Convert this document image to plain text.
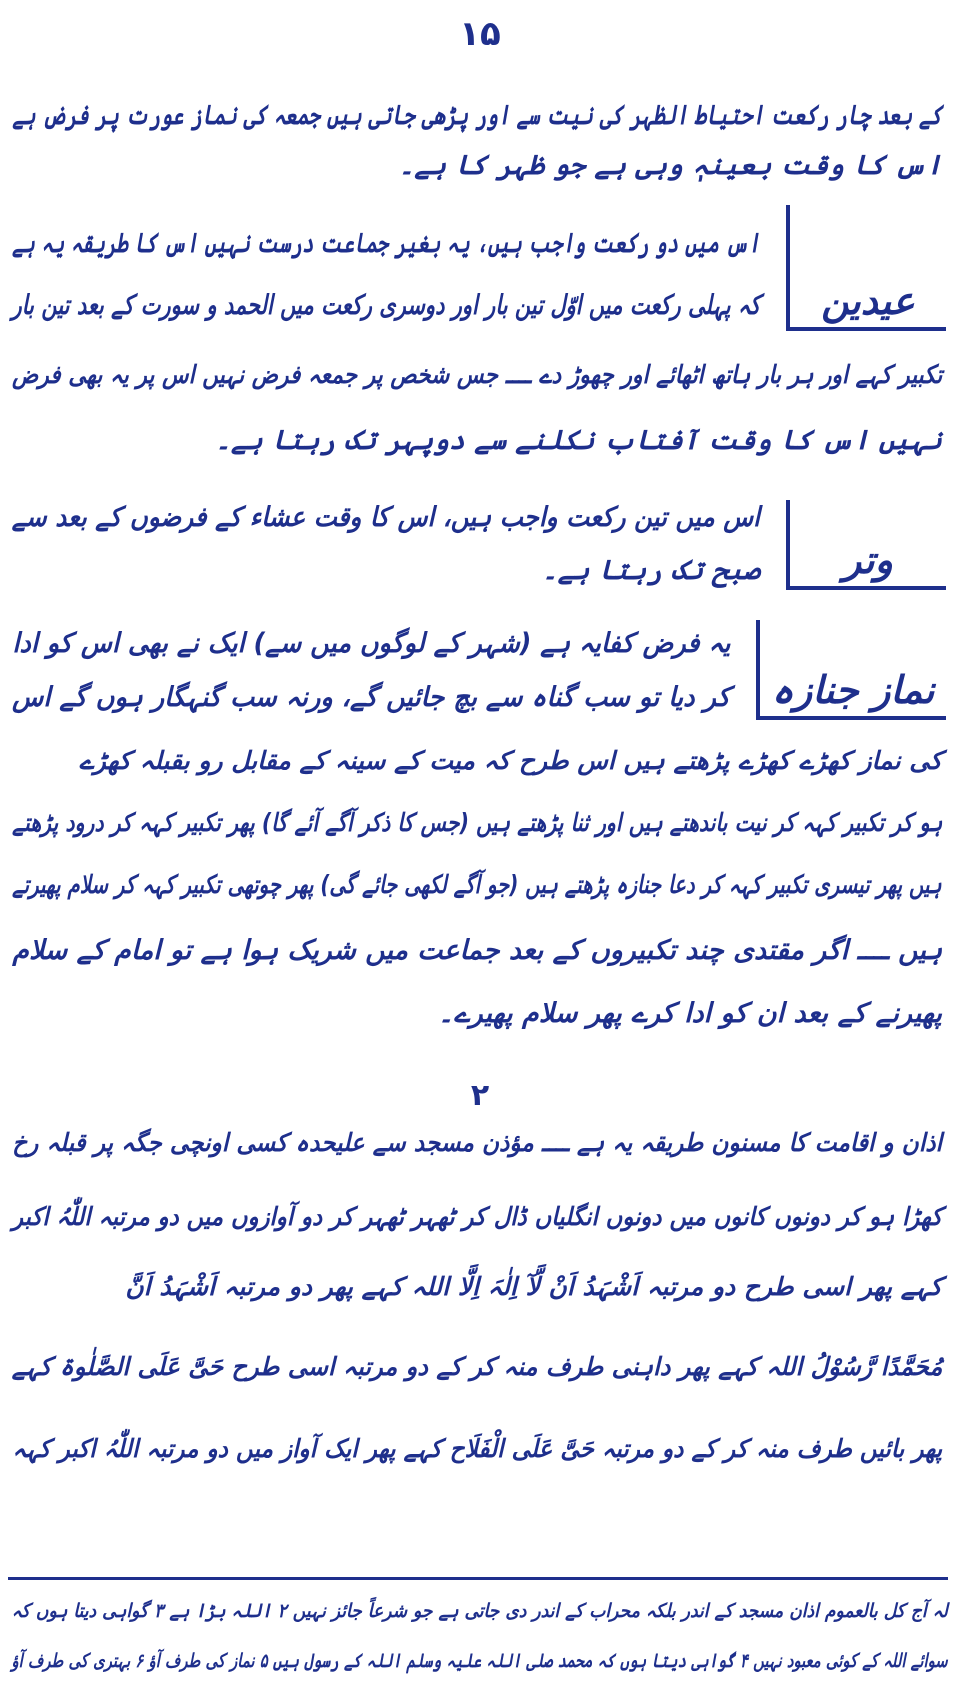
۱۵
کے بعد چار رکعت احتیاط الظہر کی نیت سے اور پڑھی جاتی ہیں جمعہ کی نماز عورت پر فرض ہے
اس کا وقت بعینہٖ وہی ہے جو ظہر کا ہے۔
عیدین
اس میں دو رکعت واجب ہیں، یہ بغیر جماعت درست نہیں اس کا طریقہ یہ ہے
کہ پہلی رکعت میں اوّل تین بار اور دوسری رکعت میں الحمد و سورت کے بعد تین بار
تکبیر کہے اور ہر بار ہاتھ اٹھائے اور چھوڑ دے ــــ جس شخص پر جمعہ فرض نہیں اس پر یہ بھی فرض
نہیں اس کا وقت آفتاب نکلنے سے دوپہر تک رہتا ہے۔
وتر
اس میں تین رکعت واجب ہیں، اس کا وقت عشاء کے فرضوں کے بعد سے
صبح تک رہتا ہے۔
نماز جنازہ
یہ فرض کفایہ ہے (شہر کے لوگوں میں سے) ایک نے بھی اس کو ادا
کر دیا تو سب گناہ سے بچ جائیں گے، ورنہ سب گنہگار ہوں گے اس
کی نماز کھڑے کھڑے پڑھتے ہیں اس طرح کہ میت کے سینہ کے مقابل رو بقبلہ کھڑے
ہو کر تکبیر کہہ کر نیت باندھتے ہیں اور ثنا پڑھتے ہیں (جس کا ذکر آگے آئے گا) پھر تکبیر کہہ کر درود پڑھتے
ہیں پھر تیسری تکبیر کہہ کر دعا جنازہ پڑھتے ہیں (جو آگے لکھی جائے گی) پھر چوتھی تکبیر کہہ کر سلام پھیرتے
ہیں ــــ اگر مقتدی چند تکبیروں کے بعد جماعت میں شریک ہوا ہے تو امام کے سلام
پھیرنے کے بعد ان کو ادا کرے پھر سلام پھیرے۔
۲
اذان و اقامت کا مسنون طریقہ یہ ہے ــــ مؤذن مسجد سے علیحدہ کسی اونچی جگہ پر قبلہ رخ
کھڑا ہو کر دونوں کانوں میں دونوں انگلیاں ڈال کر ٹھہر ٹھہر کر دو آوازوں میں دو مرتبہ اللّٰہُ اکبر
کہے پھر اسی طرح دو مرتبہ اَشْہَدُ اَنْ لَّآ اِلٰہَ اِلَّا اللہ کہے پھر دو مرتبہ اَشْہَدُ اَنَّ
مُحَمَّدًا رَّسُوْلُ اللہ کہے پھر داہنی طرف منہ کر کے دو مرتبہ اسی طرح حَیَّ عَلَی الصَّلٰوۃ کہے
پھر بائیں طرف منہ کر کے دو مرتبہ حَیَّ عَلَی الْفَلَاح کہے پھر ایک آواز میں دو مرتبہ اللّٰہُ اکبر کہہ
لہ آج کل بالعموم اذان مسجد کے اندر بلکہ محراب کے اندر دی جاتی ہے جو شرعاً جائز نہیں ۲ اللہ بڑا ہے ۳ گواہی دیتا ہوں کہ
سوائے اللہ کے کوئی معبود نہیں ۴ گواہی دیتا ہوں کہ محمد صلی اللہ علیہ وسلم اللہ کے رسول ہیں ۵ نماز کی طرف آؤ ۶ بہتری کی طرف آؤ
